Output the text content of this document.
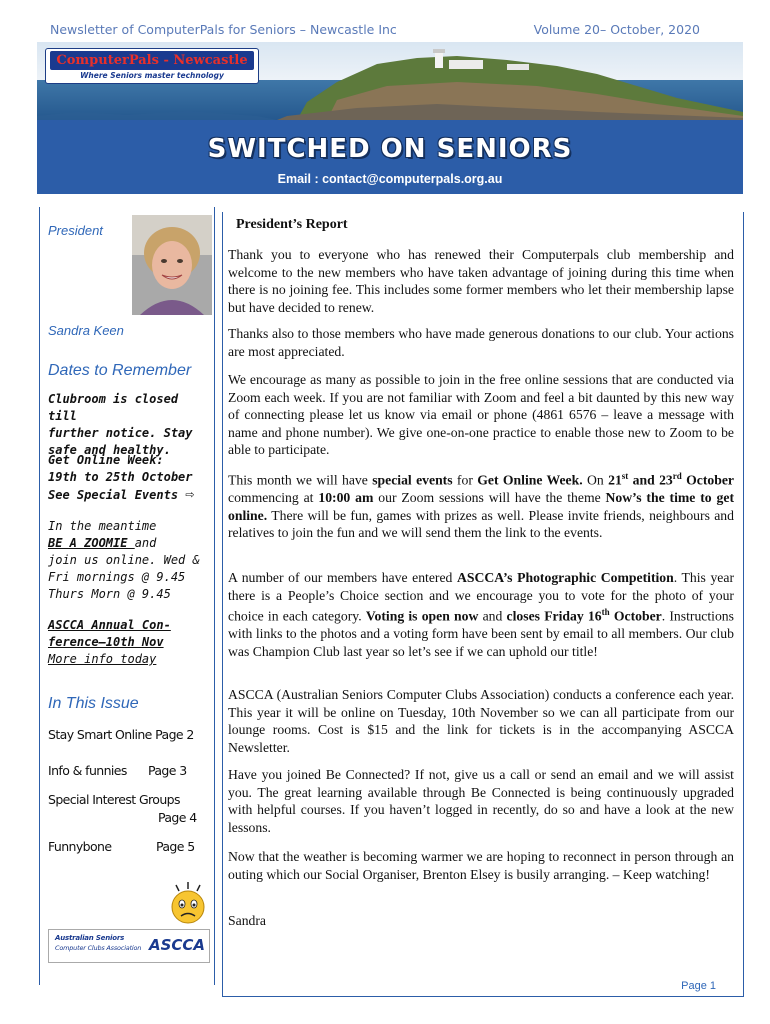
Newsletter of ComputerPals for Seniors – Newcastle Inc	Volume 20– October, 2020
ComputerPals - Newcastle
Where Seniors master technology
SWITCHED ON SENIORS
Email : contact@computerpals.org.au
President
Sandra Keen
Dates to Remember
Clubroom is closed till
further notice. Stay
safe and healthy.
Get Online Week:
19th to 25th October
See Special Events ⇨
In the meantime
BE A ZOOMIE and
join us online. Wed &
Fri mornings @ 9.45
Thurs Morn @ 9.45
ASCCA Annual Con-
ference—10th Nov
More info today
In This Issue
Stay Smart Online Page 2
Info & funnies Page 3
Special Interest Groups
Page 4
Funnybone	Page 5
Australian Seniors
Computer Clubs Association ASCCA
President’s Report
Thank you to everyone who has renewed their Computerpals club membership and welcome to the new members who have taken advantage of joining during this time when there is no joining fee. This includes some former members who let their membership lapse but have decided to renew.
Thanks also to those members who have made generous donations to our club. Your actions are most appreciated.
We encourage as many as possible to join in the free online sessions that are conducted via Zoom each week. If you are not familiar with Zoom and feel a bit daunted by this new way of connecting please let us know via email or phone (4861 6576 – leave a message with name and phone number). We give one-on-one practice to enable those new to Zoom to be able to participate.
This month we will have special events for Get Online Week. On 21st and 23rd October commencing at 10:00 am our Zoom sessions will have the theme Now’s the time to get online. There will be fun, games with prizes as well. Please invite friends, neighbours and relatives to join the fun and we will send them the link to the events.
A number of our members have entered ASCCA’s Photographic Competition. This year there is a People’s Choice section and we encourage you to vote for the photo of your choice in each category. Voting is open now and closes Friday 16th October. Instructions with links to the photos and a voting form have been sent by email to all members. Our club was Champion Club last year so let’s see if we can uphold our title!
ASCCA (Australian Seniors Computer Clubs Association) conducts a conference each year. This year it will be online on Tuesday, 10th November so we can all participate from our lounge rooms. Cost is $15 and the link for tickets is in the accompanying ASCCA Newsletter.
Have you joined Be Connected? If not, give us a call or send an email and we will assist you. The great learning available through Be Connected is being continuously upgraded with helpful courses. If you haven’t logged in recently, do so and have a look at the new lessons.
Now that the weather is becoming warmer we are hoping to reconnect in person through an outing which our Social Organiser, Brenton Elsey is busily arranging. – Keep watching!
Sandra
Page 1
